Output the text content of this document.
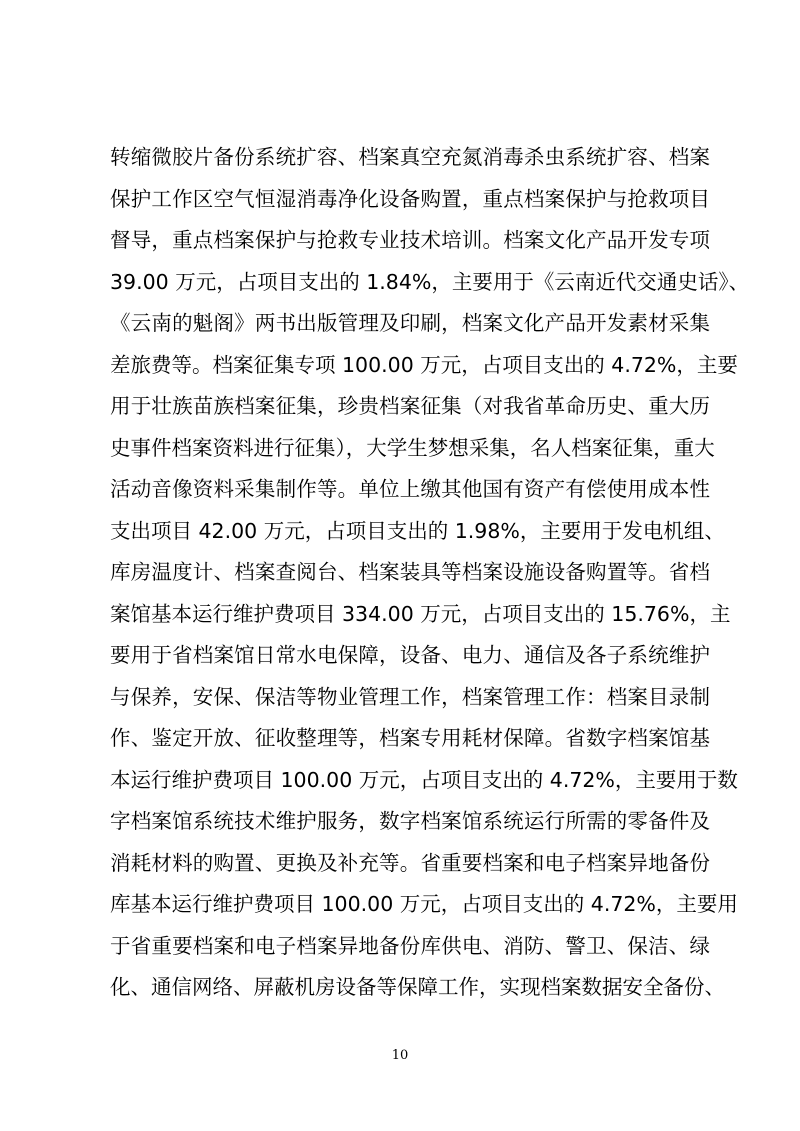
转缩微胶片备份系统扩容、档案真空充氮消毒杀虫系统扩容、档案
保护工作区空气恒湿消毒净化设备购置，重点档案保护与抢救项目
督导，重点档案保护与抢救专业技术培训。档案文化产品开发专项
39.00 万元，占项目支出的 1.84%，主要用于《云南近代交通史话》、
《云南的魁阁》两书出版管理及印刷，档案文化产品开发素材采集
差旅费等。档案征集专项 100.00 万元，占项目支出的 4.72%，主要
用于壮族苗族档案征集，珍贵档案征集（对我省革命历史、重大历
史事件档案资料进行征集），大学生梦想采集，名人档案征集，重大
活动音像资料采集制作等。单位上缴其他国有资产有偿使用成本性
支出项目 42.00 万元，占项目支出的 1.98%，主要用于发电机组、
库房温度计、档案查阅台、档案装具等档案设施设备购置等。省档
案馆基本运行维护费项目 334.00 万元，占项目支出的 15.76%，主
要用于省档案馆日常水电保障，设备、电力、通信及各子系统维护
与保养，安保、保洁等物业管理工作，档案管理工作：档案目录制
作、鉴定开放、征收整理等，档案专用耗材保障。省数字档案馆基
本运行维护费项目 100.00 万元，占项目支出的 4.72%，主要用于数
字档案馆系统技术维护服务，数字档案馆系统运行所需的零备件及
消耗材料的购置、更换及补充等。省重要档案和电子档案异地备份
库基本运行维护费项目 100.00 万元，占项目支出的 4.72%，主要用
于省重要档案和电子档案异地备份库供电、消防、警卫、保洁、绿
化、通信网络、屏蔽机房设备等保障工作，实现档案数据安全备份、
10
